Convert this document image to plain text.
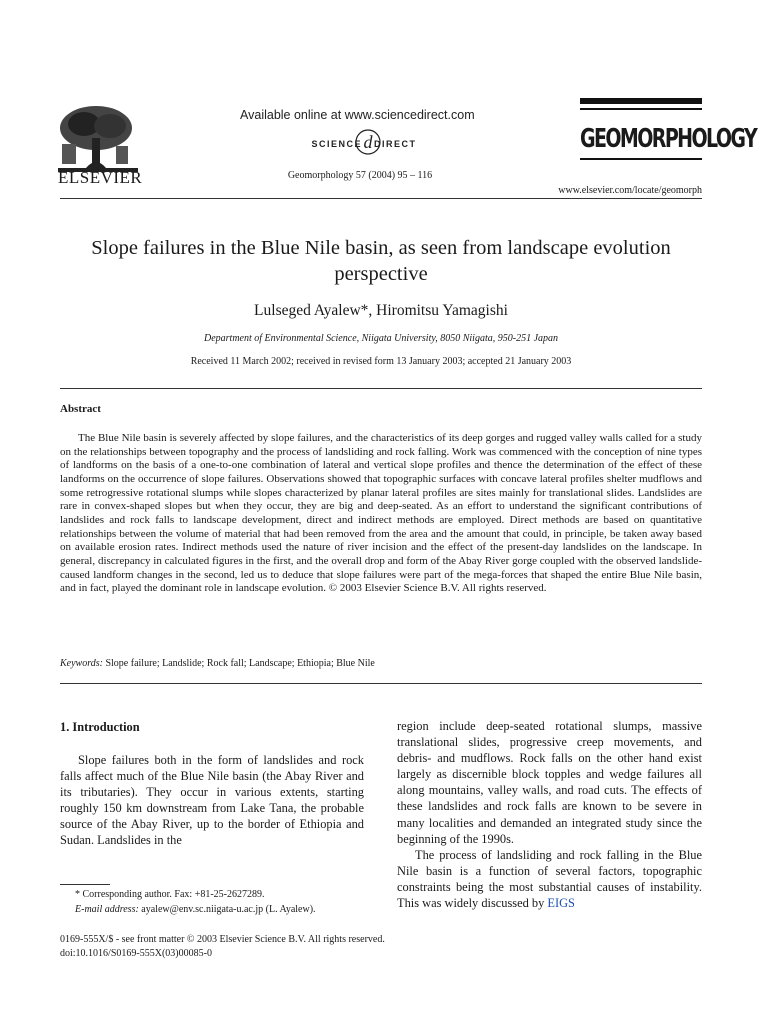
ELSEVIER
Available online at www.sciencedirect.com
SCIENCE d DIRECT
Geomorphology 57 (2004) 95 – 116
GEOMORPHOLOGY
www.elsevier.com/locate/geomorph
Slope failures in the Blue Nile basin, as seen from landscape evolution perspective
Lulseged Ayalew*, Hiromitsu Yamagishi
Department of Environmental Science, Niigata University, 8050 Niigata, 950-251 Japan
Received 11 March 2002; received in revised form 13 January 2003; accepted 21 January 2003
Abstract
The Blue Nile basin is severely affected by slope failures, and the characteristics of its deep gorges and rugged valley walls called for a study on the relationships between topography and the process of landsliding and rock falling. Work was commenced with the conception of nine types of landforms on the basis of a one-to-one combination of lateral and vertical slope profiles and thence the determination of the effect of these landforms on the occurrence of slope failures. Observations showed that topographic surfaces with concave lateral profiles shelter mudflows and some retrogressive rotational slumps while slopes characterized by planar lateral profiles are sites mainly for translational slides. Landslides are rare in convex-shaped slopes but when they occur, they are big and deep-seated. As an effort to understand the significant contributions of landslides and rock falls to landscape development, direct and indirect methods are employed. Direct methods are based on quantitative relationships between the volume of material that had been removed from the area and the amount that could, in principle, be taken away based on available erosion rates. Indirect methods used the nature of river incision and the effect of the present-day landslides on the landscape. In general, discrepancy in calculated figures in the first, and the overall drop and form of the Abay River gorge coupled with the observed landslide-caused landform changes in the second, led us to deduce that slope failures were part of the mega-forces that shaped the entire Blue Nile basin, and in fact, played the dominant role in landscape evolution. © 2003 Elsevier Science B.V. All rights reserved.
Keywords: Slope failure; Landslide; Rock fall; Landscape; Ethiopia; Blue Nile
1. Introduction
Slope failures both in the form of landslides and rock falls affect much of the Blue Nile basin (the Abay River and its tributaries). They occur in various extents, starting roughly 150 km downstream from Lake Tana, the probable source of the Abay River, up to the border of Ethiopia and Sudan. Landslides in the

region include deep-seated rotational slumps, massive translational slides, progressive creep movements, and debris- and mudflows. Rock falls on the other hand exist largely as discernible block topples and wedge failures all along mountains, valley walls, and road cuts. The effects of these landslides and rock falls are known to be severe in many localities and demanded an integrated study since the beginning of the 1990s.

The process of landsliding and rock falling in the Blue Nile basin is a function of several factors, topographic constraints being the most substantial causes of instability. This was widely discussed by EIGS

* Corresponding author. Fax: +81-25-2627289.
E-mail address: ayalew@env.sc.niigata-u.ac.jp (L. Ayalew).
0169-555X/$ - see front matter © 2003 Elsevier Science B.V. All rights reserved.
doi:10.1016/S0169-555X(03)00085-0
